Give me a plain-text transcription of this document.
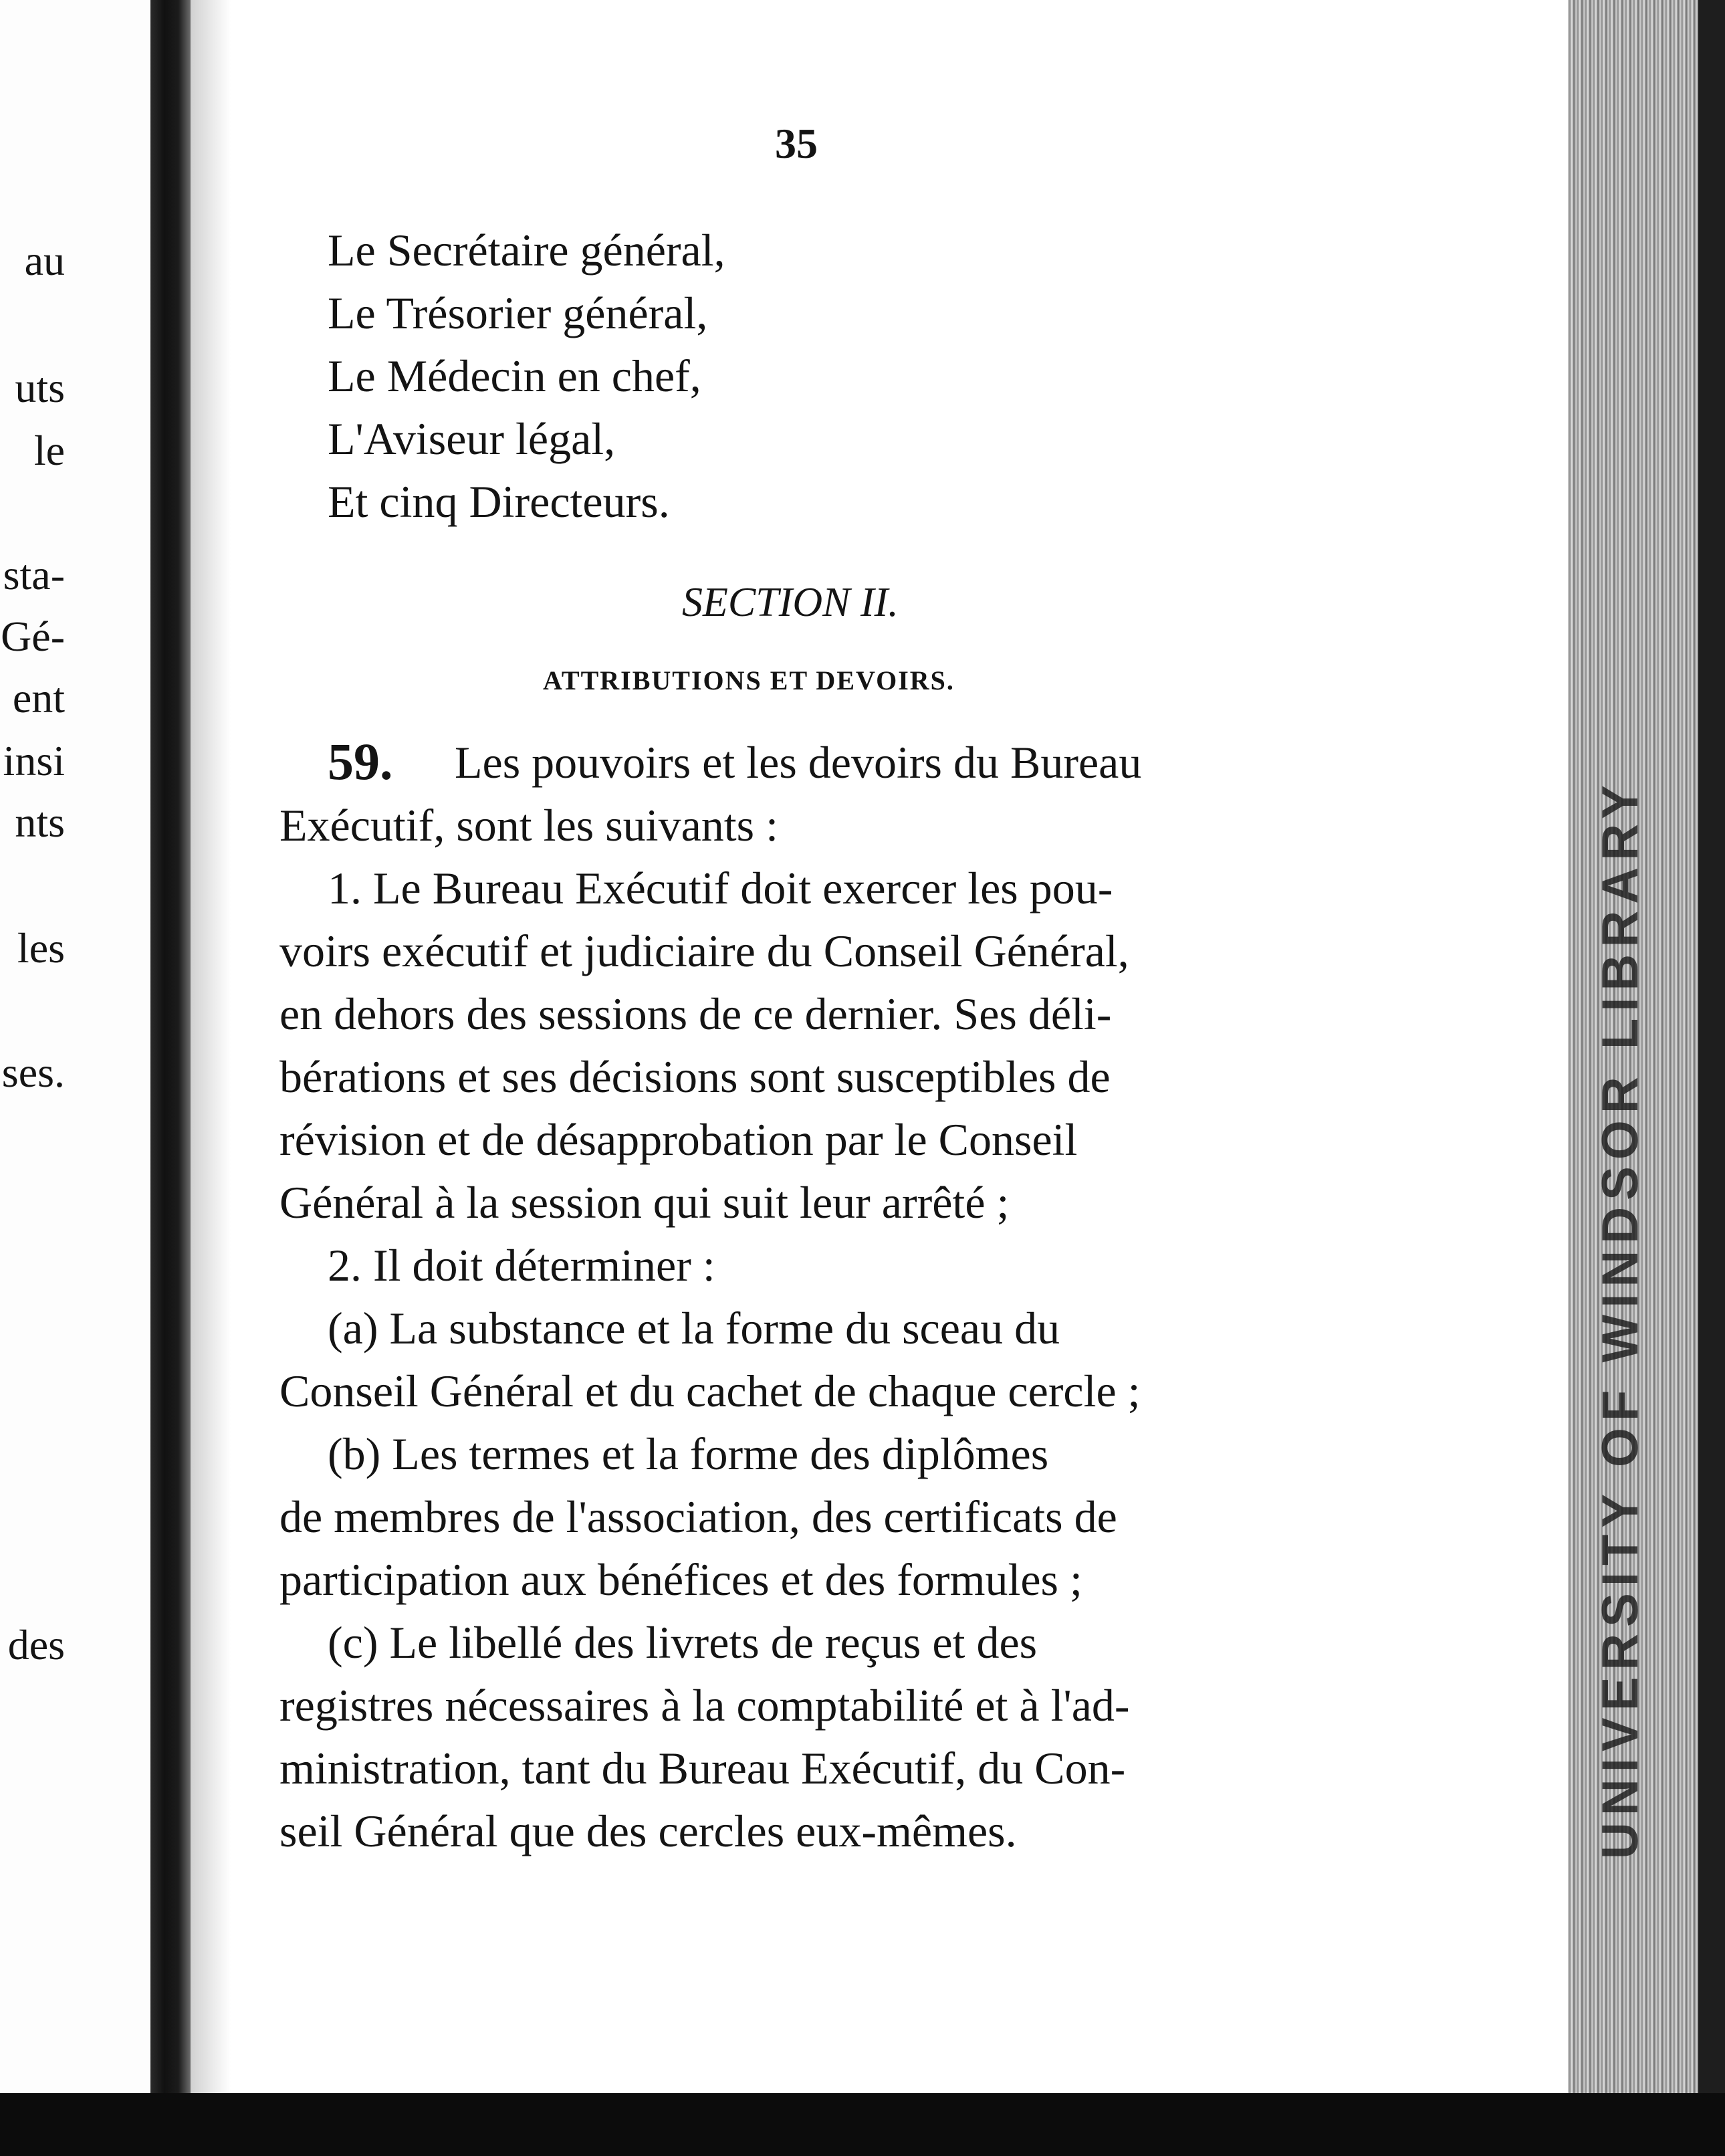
au
uts
le
sta-
Gé-
ent
insi
nts
les
ses.
des
35
Le Secrétaire général,
Le Trésorier général,
Le Médecin en chef,
L'Aviseur légal,
Et cinq Directeurs.
SECTION II.
ATTRIBUTIONS ET DEVOIRS.
59. Les pouvoirs et les devoirs du Bureau
Exécutif, sont les suivants :
1. Le Bureau Exécutif doit exercer les pou-
voirs exécutif et judiciaire du Conseil Général,
en dehors des sessions de ce dernier. Ses déli-
bérations et ses décisions sont susceptibles de
révision et de désapprobation par le Conseil
Général à la session qui suit leur arrêté ;
2. Il doit déterminer :
(a) La substance et la forme du sceau du
Conseil Général et du cachet de chaque cercle ;
(b) Les termes et la forme des diplômes
de membres de l'association, des certificats de
participation aux bénéfices et des formules ;
(c) Le libellé des livrets de reçus et des
registres nécessaires à la comptabilité et à l'ad-
ministration, tant du Bureau Exécutif, du Con-
seil Général que des cercles eux-mêmes.	UNIVERSITY OF WINDSOR LIBRARY
